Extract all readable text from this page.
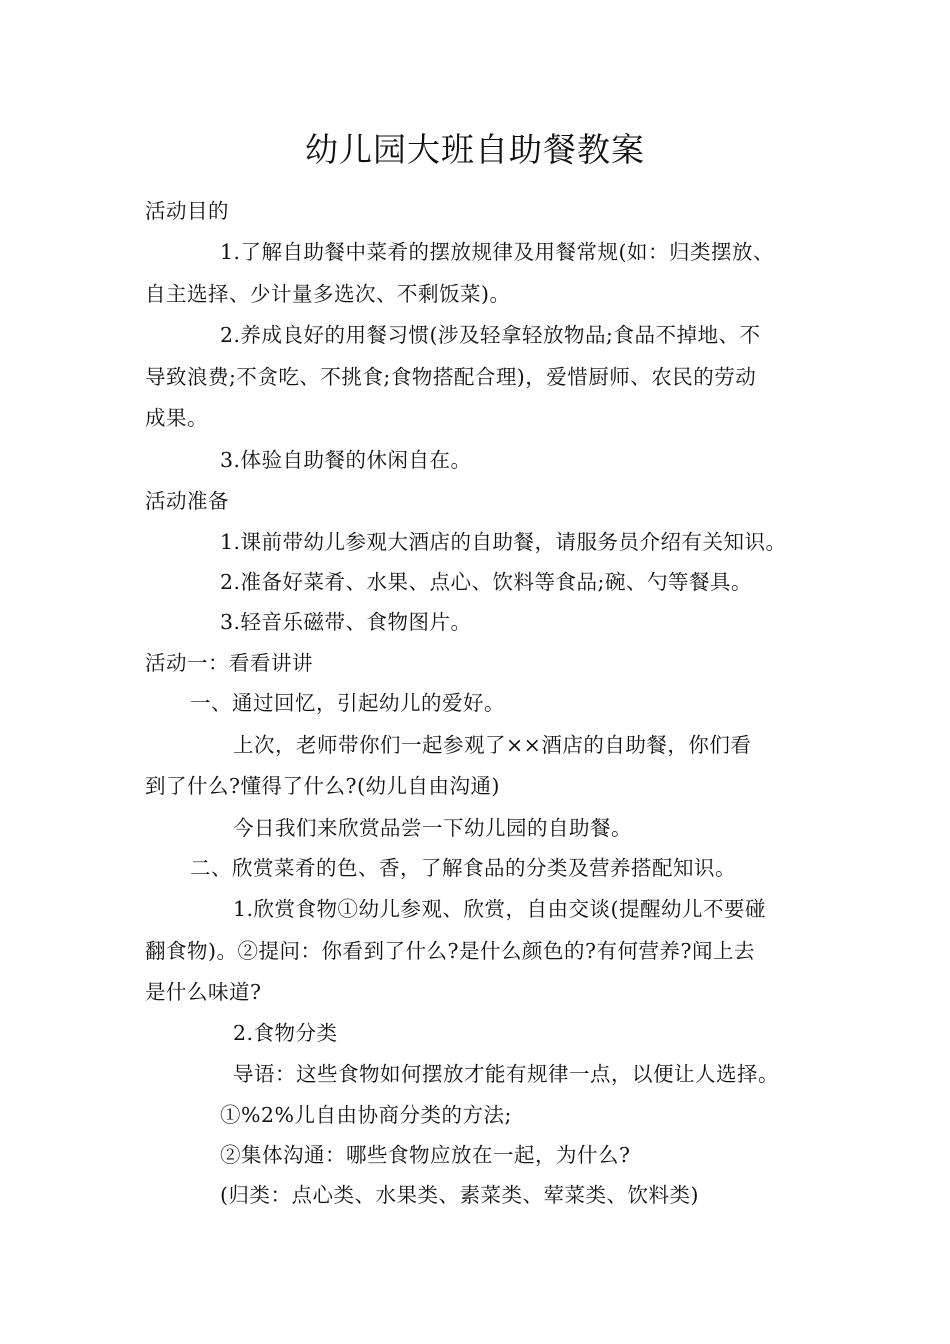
幼儿园大班自助餐教案
活动目的
1.了解自助餐中菜肴的摆放规律及用餐常规(如：归类摆放、
自主选择、少计量多选次、不剩饭菜)。
2.养成良好的用餐习惯(涉及轻拿轻放物品;食品不掉地、不
导致浪费;不贪吃、不挑食;食物搭配合理)，爱惜厨师、农民的劳动
成果。
3.体验自助餐的休闲自在。
活动准备
1.课前带幼儿参观大酒店的自助餐，请服务员介绍有关知识。
2.准备好菜肴、水果、点心、饮料等食品;碗、勺等餐具。
3.轻音乐磁带、食物图片。
活动一：看看讲讲
一、通过回忆，引起幼儿的爱好。
上次，老师带你们一起参观了××酒店的自助餐，你们看
到了什么?懂得了什么?(幼儿自由沟通)
今日我们来欣赏品尝一下幼儿园的自助餐。
二、欣赏菜肴的色、香，了解食品的分类及营养搭配知识。
1.欣赏食物①幼儿参观、欣赏，自由交谈(提醒幼儿不要碰
翻食物)。②提问：你看到了什么?是什么颜色的?有何营养?闻上去
是什么味道?
2.食物分类
导语：这些食物如何摆放才能有规律一点，以便让人选择。
①%2%儿自由协商分类的方法;
②集体沟通：哪些食物应放在一起，为什么?
(归类：点心类、水果类、素菜类、荤菜类、饮料类)
